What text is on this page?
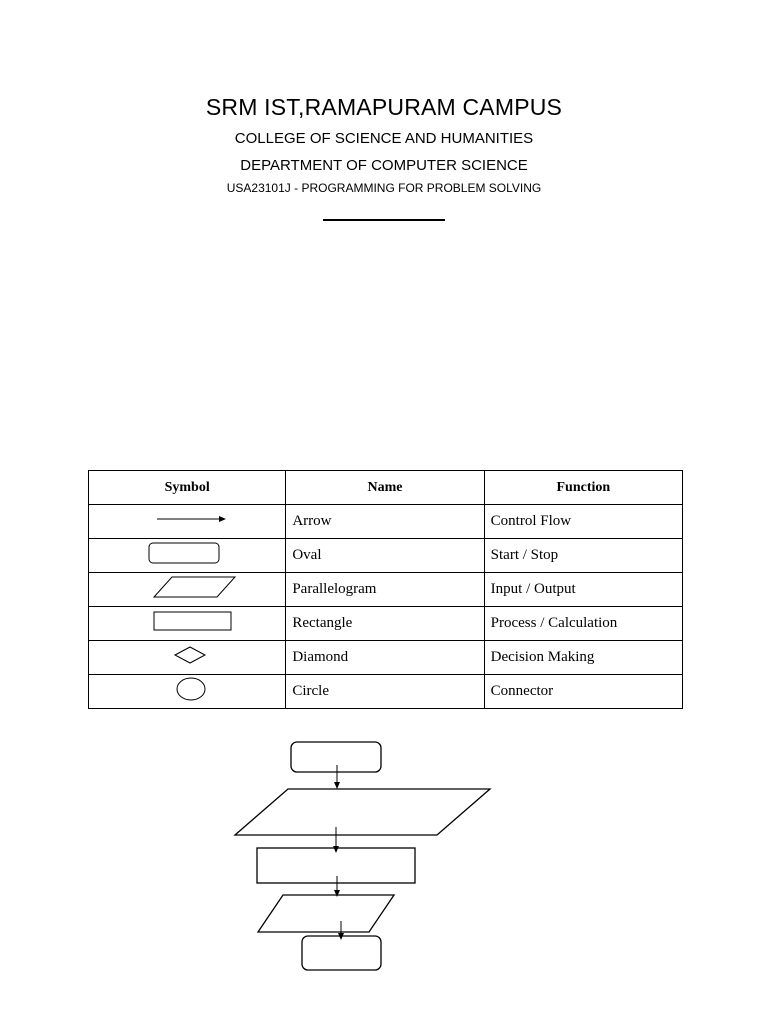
SRM IST,RAMAPURAM CAMPUS
COLLEGE OF SCIENCE AND HUMANITIES
DEPARTMENT OF COMPUTER SCIENCE
USA23101J - PROGRAMMING FOR PROBLEM SOLVING
Symbol	Name	Function
	Arrow	Control Flow
	Oval	Start / Stop
	Parallelogram	Input / Output
	Rectangle	Process / Calculation
	Diamond	Decision Making
	Circle	Connector
